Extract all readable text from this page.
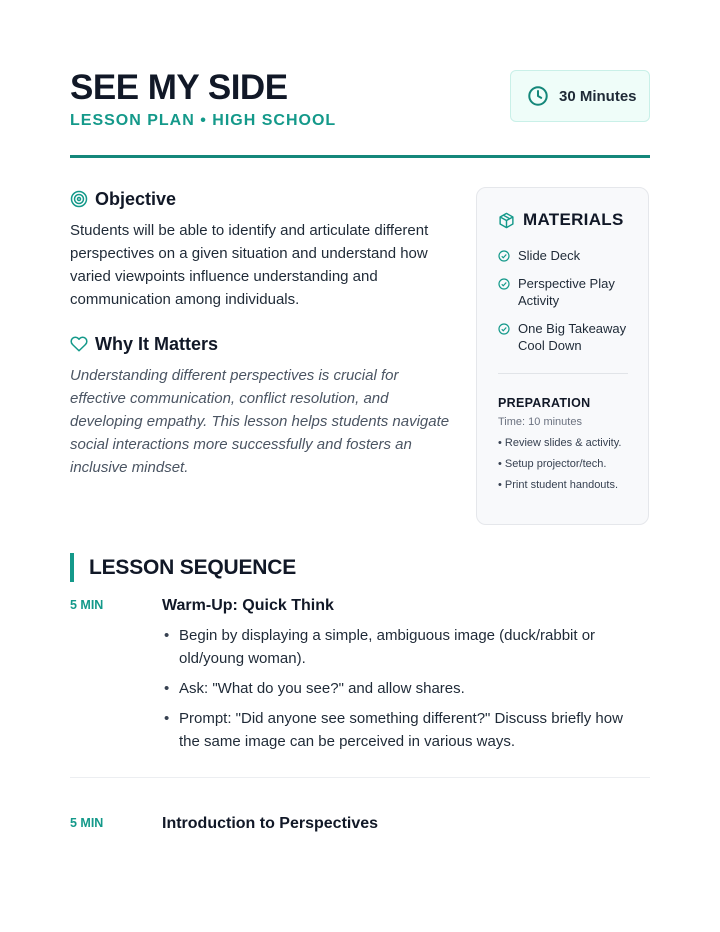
SEE MY SIDE
LESSON PLAN • HIGH SCHOOL
30 Minutes
Objective

Students will be able to identify and articulate different perspectives on a given situation and understand how varied viewpoints influence understanding and communication among individuals.

Why It Matters

Understanding different perspectives is crucial for effective communication, conflict resolution, and developing empathy. This lesson helps students navigate social interactions more successfully and fosters an inclusive mindset.

MATERIALS
Slide Deck
Perspective Play Activity
One Big Takeaway Cool Down
PREPARATION
Time: 10 minutes
• Review slides & activity.
• Setup projector/tech.
• Print student handouts.
LESSON SEQUENCE
5 MIN	Warm-Up: Quick Think
• Begin by displaying a simple, ambiguous image (duck/rabbit or old/young woman).
• Ask: "What do you see?" and allow shares.
• Prompt: "Did anyone see something different?" Discuss briefly how the same image can be perceived in various ways.
5 MIN	Introduction to Perspectives
